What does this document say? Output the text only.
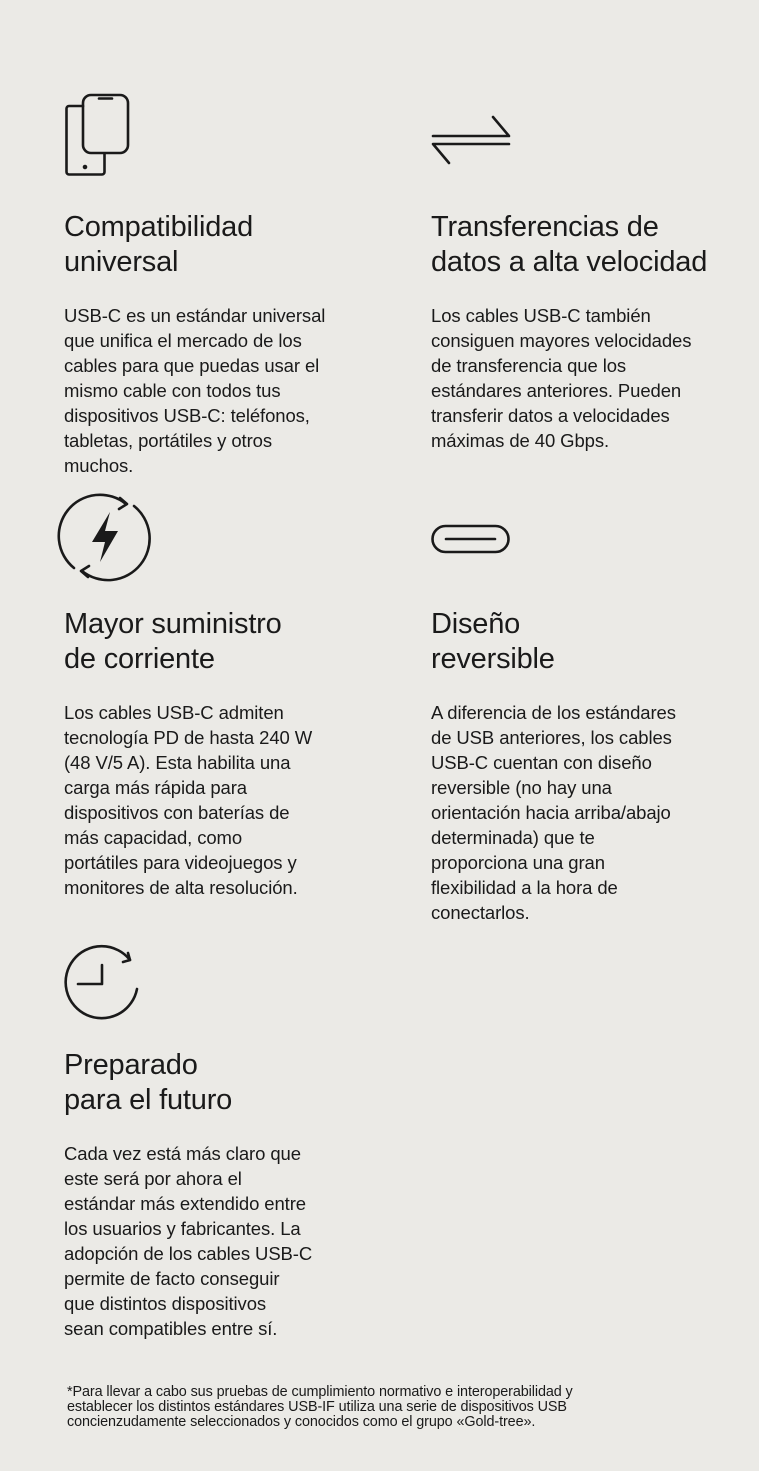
Compatibilidad
universal

USB-C es un estándar universal
que unifica el mercado de los
cables para que puedas usar el
mismo cable con todos tus
dispositivos USB-C: teléfonos,
tabletas, portátiles y otros
muchos.

Transferencias de
datos a alta velocidad

Los cables USB-C también
consiguen mayores velocidades
de transferencia que los
estándares anteriores. Pueden
transferir datos a velocidades
máximas de 40 Gbps.

Mayor suministro
de corriente

Los cables USB-C admiten
tecnología PD de hasta 240 W
(48 V/5 A). Esta habilita una
carga más rápida para
dispositivos con baterías de
más capacidad, como
portátiles para videojuegos y
monitores de alta resolución.

Diseño
reversible

A diferencia de los estándares
de USB anteriores, los cables
USB-C cuentan con diseño
reversible (no hay una
orientación hacia arriba/abajo
determinada) que te
proporciona una gran
flexibilidad a la hora de
conectarlos.

Preparado
para el futuro

Cada vez está más claro que
este será por ahora el
estándar más extendido entre
los usuarios y fabricantes. La
adopción de los cables USB-C
permite de facto conseguir
que distintos dispositivos
sean compatibles entre sí.

*Para llevar a cabo sus pruebas de cumplimiento normativo e interoperabilidad y
establecer los distintos estándares USB-IF utiliza una serie de dispositivos USB
concienzudamente seleccionados y conocidos como el grupo «Gold-tree».
